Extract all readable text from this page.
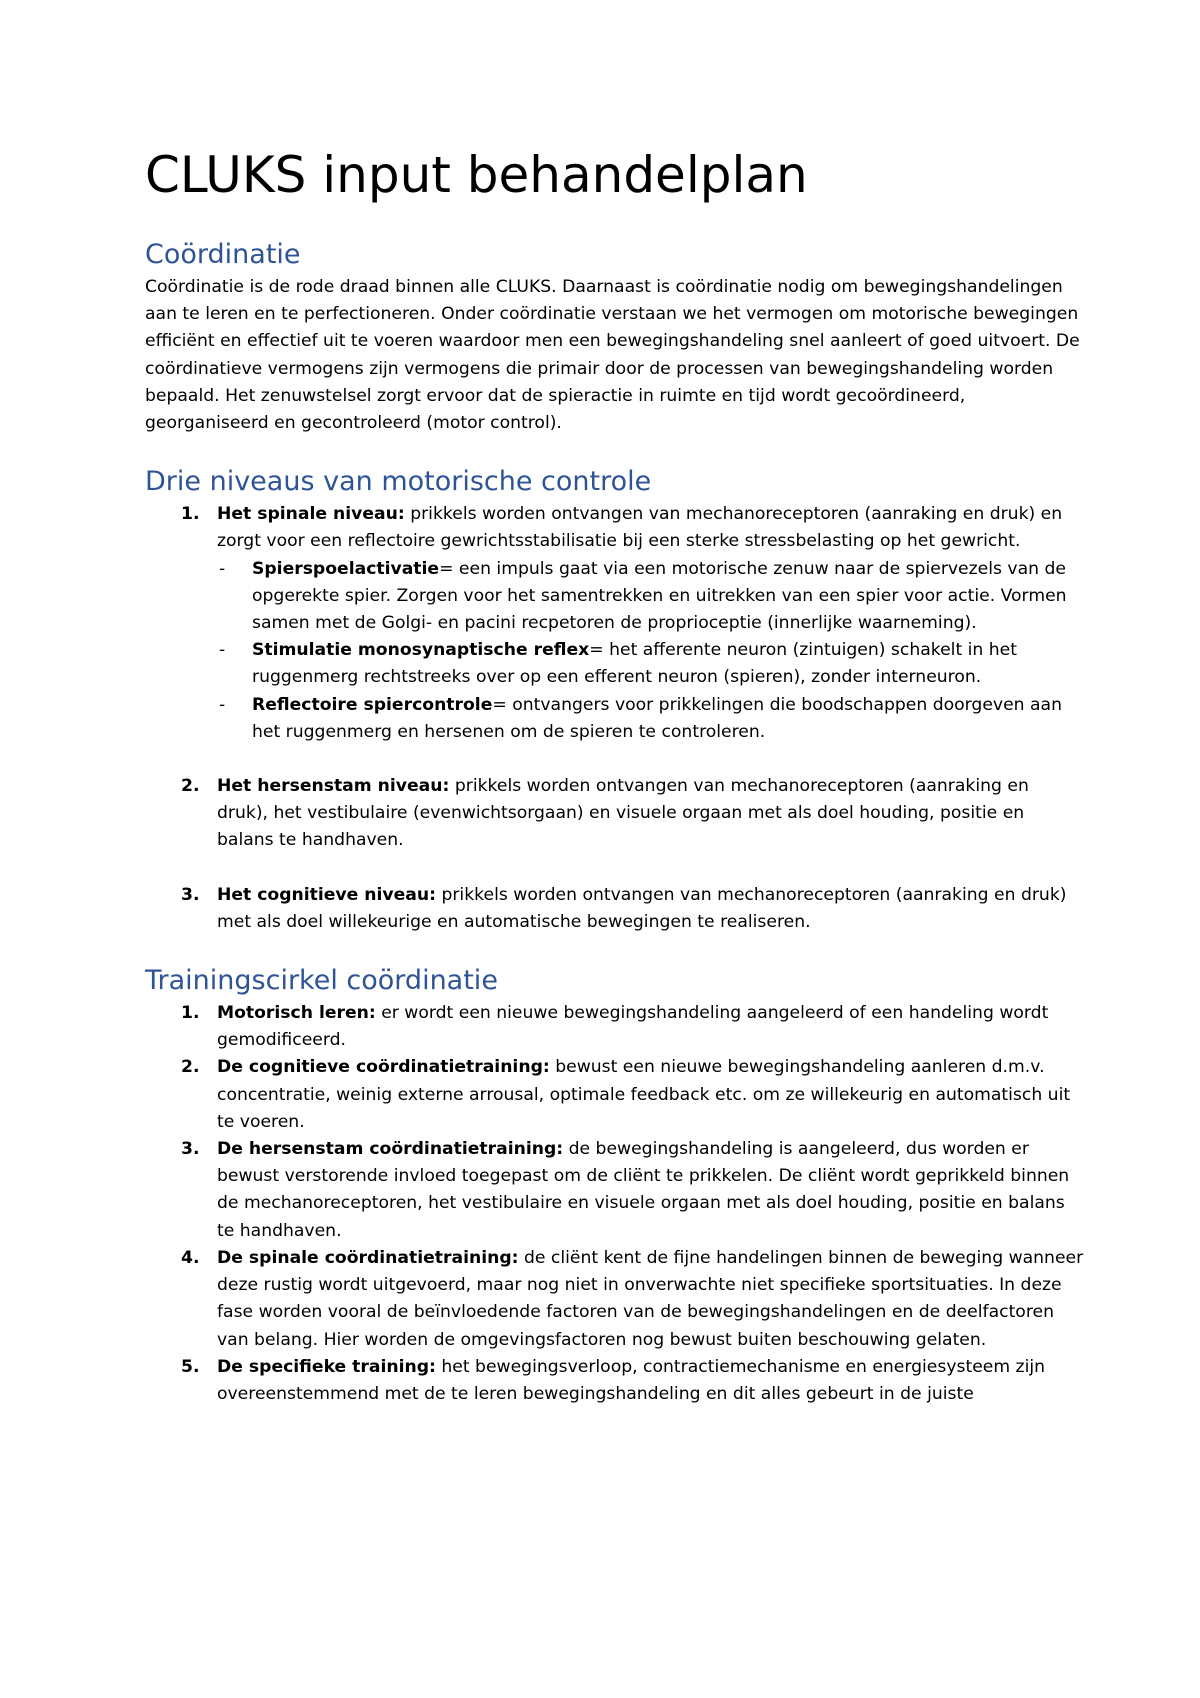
CLUKS input behandelplan
Coördinatie

Coördinatie is de rode draad binnen alle CLUKS. Daarnaast is coördinatie nodig om bewegingshandelingen aan te leren en te perfectioneren. Onder coördinatie verstaan we het vermogen om motorische bewegingen efficiënt en effectief uit te voeren waardoor men een bewegingshandeling snel aanleert of goed uitvoert. De coördinatieve vermogens zijn vermogens die primair door de processen van bewegingshandeling worden bepaald. Het zenuwstelsel zorgt ervoor dat de spieractie in ruimte en tijd wordt gecoördineerd, georganiseerd en gecontroleerd (motor control).

Drie niveaus van motorische controle
1. Het spinale niveau: prikkels worden ontvangen van mechanoreceptoren (aanraking en druk) en zorgt voor een reflectoire gewrichtsstabilisatie bij een sterke stressbelasting op het gewricht.
- Spierspoelactivatie= een impuls gaat via een motorische zenuw naar de spiervezels van de opgerekte spier. Zorgen voor het samentrekken en uitrekken van een spier voor actie. Vormen samen met de Golgi- en pacini recpetoren de proprioceptie (innerlijke waarneming).
- Stimulatie monosynaptische reflex= het afferente neuron (zintuigen) schakelt in het ruggenmerg rechtstreeks over op een efferent neuron (spieren), zonder interneuron.
- Reflectoire spiercontrole= ontvangers voor prikkelingen die boodschappen doorgeven aan het ruggenmerg en hersenen om de spieren te controleren.
2. Het hersenstam niveau: prikkels worden ontvangen van mechanoreceptoren (aanraking en druk), het vestibulaire (evenwichtsorgaan) en visuele orgaan met als doel houding, positie en balans te handhaven.
3. Het cognitieve niveau: prikkels worden ontvangen van mechanoreceptoren (aanraking en druk) met als doel willekeurige en automatische bewegingen te realiseren.
Trainingscirkel coördinatie
1. Motorisch leren: er wordt een nieuwe bewegingshandeling aangeleerd of een handeling wordt gemodificeerd.
2. De cognitieve coördinatietraining: bewust een nieuwe bewegingshandeling aanleren d.m.v. concentratie, weinig externe arrousal, optimale feedback etc. om ze willekeurig en automatisch uit te voeren.
3. De hersenstam coördinatietraining: de bewegingshandeling is aangeleerd, dus worden er bewust verstorende invloed toegepast om de cliënt te prikkelen. De cliënt wordt geprikkeld binnen de mechanoreceptoren, het vestibulaire en visuele orgaan met als doel houding, positie en balans te handhaven.
4. De spinale coördinatietraining: de cliënt kent de fijne handelingen binnen de beweging wanneer deze rustig wordt uitgevoerd, maar nog niet in onverwachte niet specifieke sportsituaties. In deze fase worden vooral de beïnvloedende factoren van de bewegingshandelingen en de deelfactoren van belang. Hier worden de omgevingsfactoren nog bewust buiten beschouwing gelaten.
5. De specifieke training: het bewegingsverloop, contractiemechanisme en energiesysteem zijn overeenstemmend met de te leren bewegingshandeling en dit alles gebeurt in de juiste
